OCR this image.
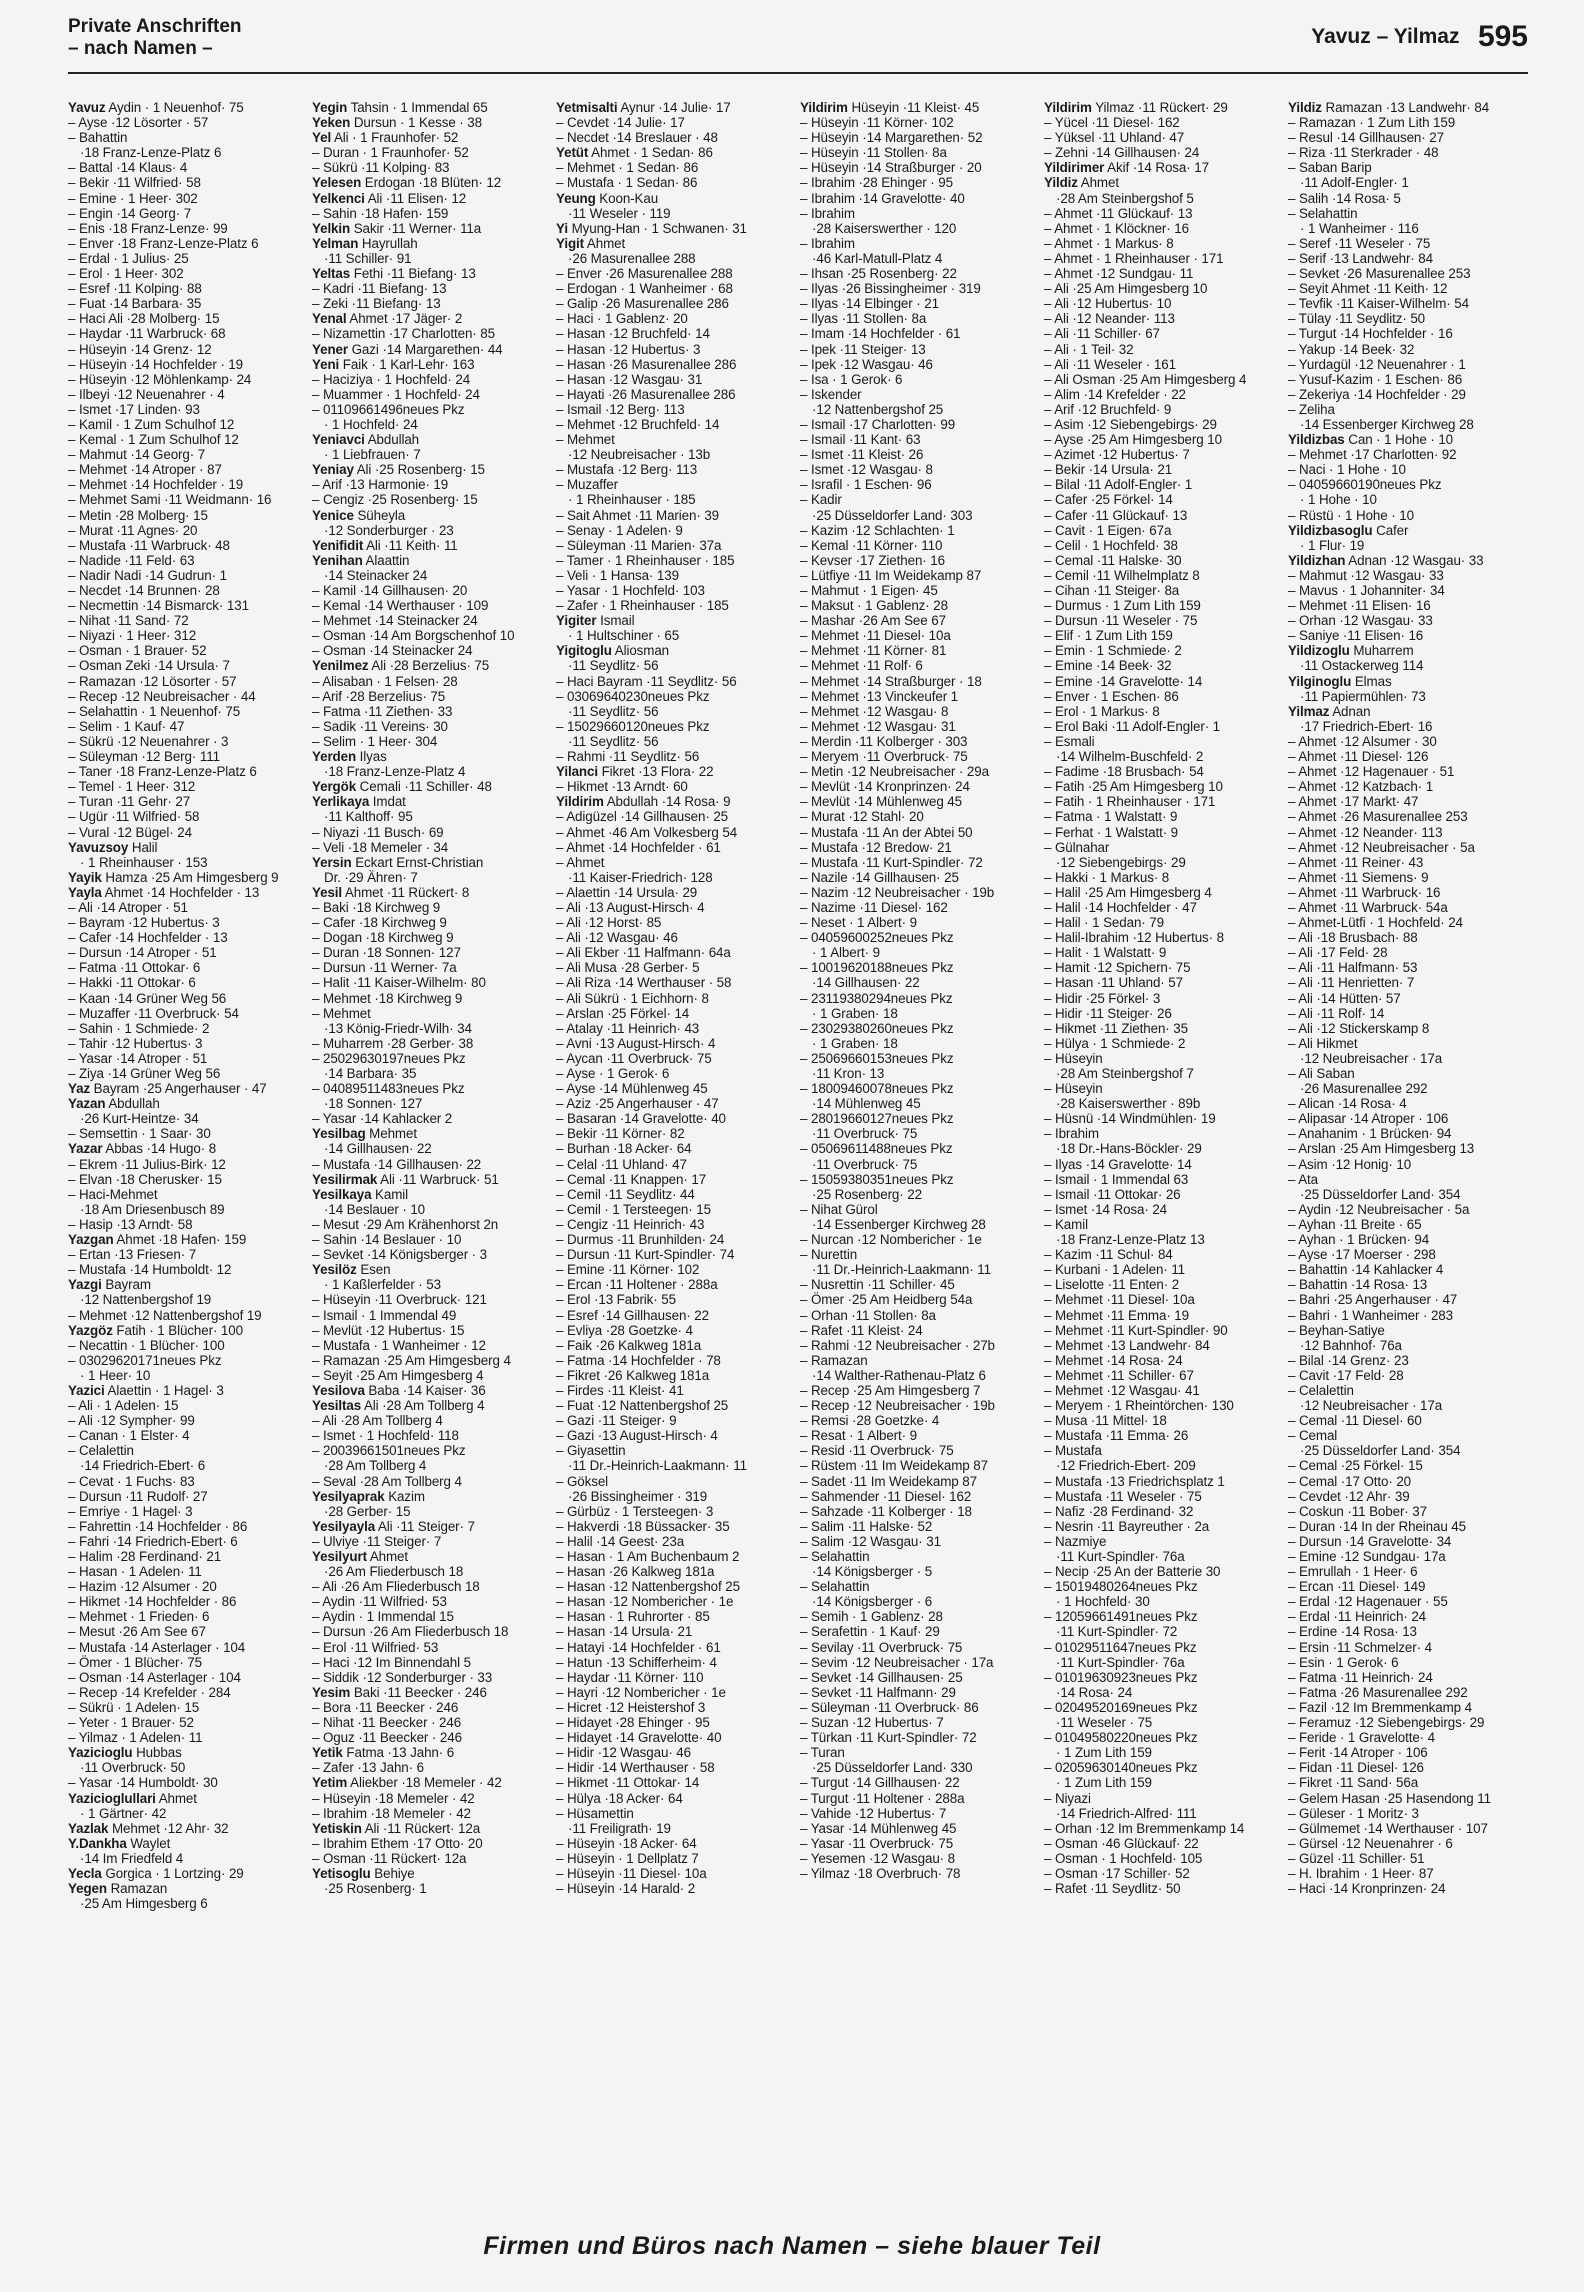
Private Anschriften
– nach Namen –
Yavuz – Yilmaz 595
Yavuz Aydin · 1 Neuenhof· 75
– Ayse ·12 Lösorter · 57
– Bahattin
·18 Franz-Lenze-Platz 6
– Battal ·14 Klaus· 4
– Bekir ·11 Wilfried· 58
– Emine · 1 Heer· 302
– Engin ·14 Georg· 7
– Enis ·18 Franz-Lenze· 99
– Enver ·18 Franz-Lenze-Platz 6
– Erdal · 1 Julius· 25
– Erol · 1 Heer· 302
– Esref ·11 Kolping· 88
– Fuat ·14 Barbara· 35
– Haci Ali ·28 Molberg· 15
– Haydar ·11 Warbruck· 68
– Hüseyin ·14 Grenz· 12
– Hüseyin ·14 Hochfelder · 19
– Hüseyin ·12 Möhlenkamp· 24
– Ilbeyi ·12 Neuenahrer · 4
– Ismet ·17 Linden· 93
– Kamil · 1 Zum Schulhof 12
– Kemal · 1 Zum Schulhof 12
– Mahmut ·14 Georg· 7
– Mehmet ·14 Atroper · 87
– Mehmet ·14 Hochfelder · 19
– Mehmet Sami ·11 Weidmann· 16
– Metin ·28 Molberg· 15
– Murat ·11 Agnes· 20
– Mustafa ·11 Warbruck· 48
– Nadide ·11 Feld· 63
– Nadir Nadi ·14 Gudrun· 1
– Necdet ·14 Brunnen· 28
– Necmettin ·14 Bismarck· 131
– Nihat ·11 Sand· 72
– Niyazi · 1 Heer· 312
– Osman · 1 Brauer· 52
– Osman Zeki ·14 Ursula· 7
– Ramazan ·12 Lösorter · 57
– Recep ·12 Neubreisacher · 44
– Selahattin · 1 Neuenhof· 75
– Selim · 1 Kauf· 47
– Sükrü ·12 Neuenahrer · 3
– Süleyman ·12 Berg· 111
– Taner ·18 Franz-Lenze-Platz 6
– Temel · 1 Heer· 312
– Turan ·11 Gehr· 27
– Ugür ·11 Wilfried· 58
– Vural ·12 Bügel· 24
Yavuzsoy Halil
· 1 Rheinhauser · 153
Yayik Hamza ·25 Am Himgesberg 9
Yayla Ahmet ·14 Hochfelder · 13
– Ali ·14 Atroper · 51
– Bayram ·12 Hubertus· 3
– Cafer ·14 Hochfelder · 13
– Dursun ·14 Atroper · 51
– Fatma ·11 Ottokar· 6
– Hakki ·11 Ottokar· 6
– Kaan ·14 Grüner Weg 56
– Muzaffer ·11 Overbruck· 54
– Sahin · 1 Schmiede· 2
– Tahir ·12 Hubertus· 3
– Yasar ·14 Atroper · 51
– Ziya ·14 Grüner Weg 56
Yaz Bayram ·25 Angerhauser · 47
Yazan Abdullah
·26 Kurt-Heintze· 34
– Semsettin · 1 Saar· 30
Yazar Abbas ·14 Hugo· 8
– Ekrem ·11 Julius-Birk· 12
– Elvan ·18 Cherusker· 15
– Haci-Mehmet
·18 Am Driesenbusch 89
– Hasip ·13 Arndt· 58
Yazgan Ahmet ·18 Hafen· 159
– Ertan ·13 Friesen· 7
– Mustafa ·14 Humboldt· 12
Yazgi Bayram
·12 Nattenbergshof 19
– Mehmet ·12 Nattenbergshof 19
Yazgöz Fatih · 1 Blücher· 100
– Necattin · 1 Blücher· 100
– 03029620171neues Pkz
· 1 Heer· 10
Yazici Alaettin · 1 Hagel· 3
– Ali · 1 Adelen· 15
– Ali ·12 Sympher· 99
– Canan · 1 Elster· 4
– Celalettin
·14 Friedrich-Ebert· 6
– Cevat · 1 Fuchs· 83
– Dursun ·11 Rudolf· 27
– Emriye · 1 Hagel· 3
– Fahrettin ·14 Hochfelder · 86
– Fahri ·14 Friedrich-Ebert· 6
– Halim ·28 Ferdinand· 21
– Hasan · 1 Adelen· 11
– Hazim ·12 Alsumer · 20
– Hikmet ·14 Hochfelder · 86
– Mehmet · 1 Frieden· 6
– Mesut ·26 Am See 67
– Mustafa ·14 Asterlager · 104
– Ömer · 1 Blücher· 75
– Osman ·14 Asterlager · 104
– Recep ·14 Krefelder · 284
– Sükrü · 1 Adelen· 15
– Yeter · 1 Brauer· 52
– Yilmaz · 1 Adelen· 11
Yazicioglu Hubbas
·11 Overbruck· 50
– Yasar ·14 Humboldt· 30
Yazicioglullari Ahmet
· 1 Gärtner· 42
Yazlak Mehmet ·12 Ahr· 32
Y.Dankha Waylet
·14 Im Friedfeld 4
Yecla Gorgica · 1 Lortzing· 29
Yegen Ramazan
·25 Am Himgesberg 6
Yegin Tahsin · 1 Immendal 65
Yeken Dursun · 1 Kesse · 38
Yel Ali · 1 Fraunhofer· 52
– Duran · 1 Fraunhofer· 52
– Sükrü ·11 Kolping· 83
Yelesen Erdogan ·18 Blüten· 12
Yelkenci Ali ·11 Elisen· 12
– Sahin ·18 Hafen· 159
Yelkin Sakir ·11 Werner· 11a
Yelman Hayrullah
·11 Schiller· 91
Yeltas Fethi ·11 Biefang· 13
– Kadri ·11 Biefang· 13
– Zeki ·11 Biefang· 13
Yenal Ahmet ·17 Jäger· 2
– Nizamettin ·17 Charlotten· 85
Yener Gazi ·14 Margarethen· 44
Yeni Faik · 1 Karl-Lehr· 163
– Haciziya · 1 Hochfeld· 24
– Muammer · 1 Hochfeld· 24
– 01109661496neues Pkz
· 1 Hochfeld· 24
Yeniavci Abdullah
· 1 Liebfrauen· 7
Yeniay Ali ·25 Rosenberg· 15
– Arif ·13 Harmonie· 19
– Cengiz ·25 Rosenberg· 15
Yenice Süheyla
·12 Sonderburger · 23
Yenifidit Ali ·11 Keith· 11
Yenihan Alaattin
·14 Steinacker 24
– Kamil ·14 Gillhausen· 20
– Kemal ·14 Werthauser · 109
– Mehmet ·14 Steinacker 24
– Osman ·14 Am Borgschenhof 10
– Osman ·14 Steinacker 24
Yenilmez Ali ·28 Berzelius· 75
– Alisaban · 1 Felsen· 28
– Arif ·28 Berzelius· 75
– Fatma ·11 Ziethen· 33
– Sadik ·11 Vereins· 30
– Selim · 1 Heer· 304
Yerden Ilyas
·18 Franz-Lenze-Platz 4
Yergök Cemali ·11 Schiller· 48
Yerlikaya Imdat
·11 Kalthoff· 95
– Niyazi ·11 Busch· 69
– Veli ·18 Memeler · 34
Yersin Eckart Ernst-Christian
Dr. ·29 Ähren· 7
Yesil Ahmet ·11 Rückert· 8
– Baki ·18 Kirchweg 9
– Cafer ·18 Kirchweg 9
– Dogan ·18 Kirchweg 9
– Duran ·18 Sonnen· 127
– Dursun ·11 Werner· 7a
– Halit ·11 Kaiser-Wilhelm· 80
– Mehmet ·18 Kirchweg 9
– Mehmet
·13 König-Friedr-Wilh· 34
– Muharrem ·28 Gerber· 38
– 25029630197neues Pkz
·14 Barbara· 35
– 04089511483neues Pkz
·18 Sonnen· 127
– Yasar ·14 Kahlacker 2
Yesilbag Mehmet
·14 Gillhausen· 22
– Mustafa ·14 Gillhausen· 22
Yesilirmak Ali ·11 Warbruck· 51
Yesilkaya Kamil
·14 Beslauer · 10
– Mesut ·29 Am Krähenhorst 2n
– Sahin ·14 Beslauer · 10
– Sevket ·14 Königsberger · 3
Yesilöz Esen
· 1 Kaßlerfelder · 53
– Hüseyin ·11 Overbruck· 121
– Ismail · 1 Immendal 49
– Mevlüt ·12 Hubertus· 15
– Mustafa · 1 Wanheimer · 12
– Ramazan ·25 Am Himgesberg 4
– Seyit ·25 Am Himgesberg 4
Yesilova Baba ·14 Kaiser· 36
Yesiltas Ali ·28 Am Tollberg 4
– Ali ·28 Am Tollberg 4
– Ismet · 1 Hochfeld· 118
– 20039661501neues Pkz
·28 Am Tollberg 4
– Seval ·28 Am Tollberg 4
Yesilyaprak Kazim
·28 Gerber· 15
Yesilyayla Ali ·11 Steiger· 7
– Ulviye ·11 Steiger· 7
Yesilyurt Ahmet
·26 Am Fliederbusch 18
– Ali ·26 Am Fliederbusch 18
– Aydin ·11 Wilfried· 53
– Aydin · 1 Immendal 15
– Dursun ·26 Am Fliederbusch 18
– Erol ·11 Wilfried· 53
– Haci ·12 Im Binnendahl 5
– Siddik ·12 Sonderburger · 33
Yesim Baki ·11 Beecker · 246
– Bora ·11 Beecker · 246
– Nihat ·11 Beecker · 246
– Oguz ·11 Beecker · 246
Yetik Fatma ·13 Jahn· 6
– Zafer ·13 Jahn· 6
Yetim Aliekber ·18 Memeler · 42
– Hüseyin ·18 Memeler · 42
– Ibrahim ·18 Memeler · 42
Yetiskin Ali ·11 Rückert· 12a
– Ibrahim Ethem ·17 Otto· 20
– Osman ·11 Rückert· 12a
Yetisoglu Behiye
·25 Rosenberg· 1
Yetmisalti Aynur ·14 Julie· 17
– Cevdet ·14 Julie· 17
– Necdet ·14 Breslauer · 48
Yetüt Ahmet · 1 Sedan· 86
– Mehmet · 1 Sedan· 86
– Mustafa · 1 Sedan· 86
Yeung Koon-Kau
·11 Weseler · 119
Yi Myung-Han · 1 Schwanen· 31
Yigit Ahmet
·26 Masurenallee 288
– Enver ·26 Masurenallee 288
– Erdogan · 1 Wanheimer · 68
– Galip ·26 Masurenallee 286
– Haci · 1 Gablenz· 20
– Hasan ·12 Bruchfeld· 14
– Hasan ·12 Hubertus· 3
– Hasan ·26 Masurenallee 286
– Hasan ·12 Wasgau· 31
– Hayati ·26 Masurenallee 286
– Ismail ·12 Berg· 113
– Mehmet ·12 Bruchfeld· 14
– Mehmet
·12 Neubreisacher · 13b
– Mustafa ·12 Berg· 113
– Muzaffer
· 1 Rheinhauser · 185
– Sait Ahmet ·11 Marien· 39
– Senay · 1 Adelen· 9
– Süleyman ·11 Marien· 37a
– Tamer · 1 Rheinhauser · 185
– Veli · 1 Hansa· 139
– Yasar · 1 Hochfeld· 103
– Zafer · 1 Rheinhauser · 185
Yigiter Ismail
· 1 Hultschiner · 65
Yigitoglu Aliosman
·11 Seydlitz· 56
– Haci Bayram ·11 Seydlitz· 56
– 03069640230neues Pkz
·11 Seydlitz· 56
– 15029660120neues Pkz
·11 Seydlitz· 56
– Rahmi ·11 Seydlitz· 56
Yilanci Fikret ·13 Flora· 22
– Hikmet ·13 Arndt· 60
Yildirim Abdullah ·14 Rosa· 9
– Adigüzel ·14 Gillhausen· 25
– Ahmet ·46 Am Volkesberg 54
– Ahmet ·14 Hochfelder · 61
– Ahmet
·11 Kaiser-Friedrich· 128
– Alaettin ·14 Ursula· 29
– Ali ·13 August-Hirsch· 4
– Ali ·12 Horst· 85
– Ali ·12 Wasgau· 46
– Ali Ekber ·11 Halfmann· 64a
– Ali Musa ·28 Gerber· 5
– Ali Riza ·14 Werthauser · 58
– Ali Sükrü · 1 Eichhorn· 8
– Arslan ·25 Förkel· 14
– Atalay ·11 Heinrich· 43
– Avni ·13 August-Hirsch· 4
– Aycan ·11 Overbruck· 75
– Ayse · 1 Gerok· 6
– Ayse ·14 Mühlenweg 45
– Aziz ·25 Angerhauser · 47
– Basaran ·14 Gravelotte· 40
– Bekir ·11 Körner· 82
– Burhan ·18 Acker· 64
– Celal ·11 Uhland· 47
– Cemal ·11 Knappen· 17
– Cemil ·11 Seydlitz· 44
– Cemil · 1 Tersteegen· 15
– Cengiz ·11 Heinrich· 43
– Durmus ·11 Brunhilden· 24
– Dursun ·11 Kurt-Spindler· 74
– Emine ·11 Körner· 102
– Ercan ·11 Holtener · 288a
– Erol ·13 Fabrik· 55
– Esref ·14 Gillhausen· 22
– Evliya ·28 Goetzke· 4
– Faik ·26 Kalkweg 181a
– Fatma ·14 Hochfelder · 78
– Fikret ·26 Kalkweg 181a
– Firdes ·11 Kleist· 41
– Fuat ·12 Nattenbergshof 25
– Gazi ·11 Steiger· 9
– Gazi ·13 August-Hirsch· 4
– Giyasettin
·11 Dr.-Heinrich-Laakmann· 11
– Göksel
·26 Bissingheimer · 319
– Gürbüz · 1 Tersteegen· 3
– Hakverdi ·18 Büssacker· 35
– Halil ·14 Geest· 23a
– Hasan · 1 Am Buchenbaum 2
– Hasan ·26 Kalkweg 181a
– Hasan ·12 Nattenbergshof 25
– Hasan ·12 Nombericher · 1e
– Hasan · 1 Ruhrorter · 85
– Hasan ·14 Ursula· 21
– Hatayi ·14 Hochfelder · 61
– Hatun ·13 Schifferheim· 4
– Haydar ·11 Körner· 110
– Hayri ·12 Nombericher · 1e
– Hicret ·12 Heistershof 3
– Hidayet ·28 Ehinger · 95
– Hidayet ·14 Gravelotte· 40
– Hidir ·12 Wasgau· 46
– Hidir ·14 Werthauser · 58
– Hikmet ·11 Ottokar· 14
– Hülya ·18 Acker· 64
– Hüsamettin
·11 Freiligrath· 19
– Hüseyin ·18 Acker· 64
– Hüseyin · 1 Dellplatz 7
– Hüseyin ·11 Diesel· 10a
– Hüseyin ·14 Harald· 2
Yildirim Hüseyin ·11 Kleist· 45
– Hüseyin ·11 Körner· 102
– Hüseyin ·14 Margarethen· 52
– Hüseyin ·11 Stollen· 8a
– Hüseyin ·14 Straßburger · 20
– Ibrahim ·28 Ehinger · 95
– Ibrahim ·14 Gravelotte· 40
– Ibrahim
·28 Kaiserswerther · 120
– Ibrahim
·46 Karl-Matull-Platz 4
– Ihsan ·25 Rosenberg· 22
– Ilyas ·26 Bissingheimer · 319
– Ilyas ·14 Elbinger · 21
– Ilyas ·11 Stollen· 8a
– Imam ·14 Hochfelder · 61
– Ipek ·11 Steiger· 13
– Ipek ·12 Wasgau· 46
– Isa · 1 Gerok· 6
– Iskender
·12 Nattenbergshof 25
– Ismail ·17 Charlotten· 99
– Ismail ·11 Kant· 63
– Ismet ·11 Kleist· 26
– Ismet ·12 Wasgau· 8
– Israfil · 1 Eschen· 96
– Kadir
·25 Düsseldorfer Land· 303
– Kazim ·12 Schlachten· 1
– Kemal ·11 Körner· 110
– Kevser ·17 Ziethen· 16
– Lütfiye ·11 Im Weidekamp 87
– Mahmut · 1 Eigen· 45
– Maksut · 1 Gablenz· 28
– Mashar ·26 Am See 67
– Mehmet ·11 Diesel· 10a
– Mehmet ·11 Körner· 81
– Mehmet ·11 Rolf· 6
– Mehmet ·14 Straßburger · 18
– Mehmet ·13 Vinckeufer 1
– Mehmet ·12 Wasgau· 8
– Mehmet ·12 Wasgau· 31
– Merdin ·11 Kolberger · 303
– Meryem ·11 Overbruck· 75
– Metin ·12 Neubreisacher · 29a
– Mevlüt ·14 Kronprinzen· 24
– Mevlüt ·14 Mühlenweg 45
– Murat ·12 Stahl· 20
– Mustafa ·11 An der Abtei 50
– Mustafa ·12 Bredow· 21
– Mustafa ·11 Kurt-Spindler· 72
– Nazile ·14 Gillhausen· 25
– Nazim ·12 Neubreisacher · 19b
– Nazime ·11 Diesel· 162
– Neset · 1 Albert· 9
– 04059600252neues Pkz
· 1 Albert· 9
– 10019620188neues Pkz
·14 Gillhausen· 22
– 23119380294neues Pkz
· 1 Graben· 18
– 23029380260neues Pkz
· 1 Graben· 18
– 25069660153neues Pkz
·11 Kron· 13
– 18009460078neues Pkz
·14 Mühlenweg 45
– 28019660127neues Pkz
·11 Overbruck· 75
– 05069611488neues Pkz
·11 Overbruck· 75
– 15059380351neues Pkz
·25 Rosenberg· 22
– Nihat Gürol
·14 Essenberger Kirchweg 28
– Nurcan ·12 Nombericher · 1e
– Nurettin
·11 Dr.-Heinrich-Laakmann· 11
– Nusrettin ·11 Schiller· 45
– Ömer ·25 Am Heidberg 54a
– Orhan ·11 Stollen· 8a
– Rafet ·11 Kleist· 24
– Rahmi ·12 Neubreisacher · 27b
– Ramazan
·14 Walther-Rathenau-Platz 6
– Recep ·25 Am Himgesberg 7
– Recep ·12 Neubreisacher · 19b
– Remsi ·28 Goetzke· 4
– Resat · 1 Albert· 9
– Resid ·11 Overbruck· 75
– Rüstem ·11 Im Weidekamp 87
– Sadet ·11 Im Weidekamp 87
– Sahmender ·11 Diesel· 162
– Sahzade ·11 Kolberger · 18
– Salim ·11 Halske· 52
– Salim ·12 Wasgau· 31
– Selahattin
·14 Königsberger · 5
– Selahattin
·14 Königsberger · 6
– Semih · 1 Gablenz· 28
– Serafettin · 1 Kauf· 29
– Sevilay ·11 Overbruck· 75
– Sevim ·12 Neubreisacher · 17a
– Sevket ·14 Gillhausen· 25
– Sevket ·11 Halfmann· 29
– Süleyman ·11 Overbruck· 86
– Suzan ·12 Hubertus· 7
– Türkan ·11 Kurt-Spindler· 72
– Turan
·25 Düsseldorfer Land· 330
– Turgut ·14 Gillhausen· 22
– Turgut ·11 Holtener · 288a
– Vahide ·12 Hubertus· 7
– Yasar ·14 Mühlenweg 45
– Yasar ·11 Overbruck· 75
– Yesemen ·12 Wasgau· 8
– Yilmaz ·18 Overbruch· 78
Yildirim Yilmaz ·11 Rückert· 29
– Yücel ·11 Diesel· 162
– Yüksel ·11 Uhland· 47
– Zehni ·14 Gillhausen· 24
Yildirimer Akif ·14 Rosa· 17
Yildiz Ahmet
·28 Am Steinbergshof 5
– Ahmet ·11 Glückauf· 13
– Ahmet · 1 Klöckner· 16
– Ahmet · 1 Markus· 8
– Ahmet · 1 Rheinhauser · 171
– Ahmet ·12 Sundgau· 11
– Ali ·25 Am Himgesberg 10
– Ali ·12 Hubertus· 10
– Ali ·12 Neander· 113
– Ali ·11 Schiller· 67
– Ali · 1 Teil· 32
– Ali ·11 Weseler · 161
– Ali Osman ·25 Am Himgesberg 4
– Alim ·14 Krefelder · 22
– Arif ·12 Bruchfeld· 9
– Asim ·12 Siebengebirgs· 29
– Ayse ·25 Am Himgesberg 10
– Azimet ·12 Hubertus· 7
– Bekir ·14 Ursula· 21
– Bilal ·11 Adolf-Engler· 1
– Cafer ·25 Förkel· 14
– Cafer ·11 Glückauf· 13
– Cavit · 1 Eigen· 67a
– Celil · 1 Hochfeld· 38
– Cemal ·11 Halske· 30
– Cemil ·11 Wilhelmplatz 8
– Cihan ·11 Steiger· 8a
– Durmus · 1 Zum Lith 159
– Dursun ·11 Weseler · 75
– Elif · 1 Zum Lith 159
– Emin · 1 Schmiede· 2
– Emine ·14 Beek· 32
– Emine ·14 Gravelotte· 14
– Enver · 1 Eschen· 86
– Erol · 1 Markus· 8
– Erol Baki ·11 Adolf-Engler· 1
– Esmali
·14 Wilhelm-Buschfeld· 2
– Fadime ·18 Brusbach· 54
– Fatih ·25 Am Himgesberg 10
– Fatih · 1 Rheinhauser · 171
– Fatma · 1 Walstatt· 9
– Ferhat · 1 Walstatt· 9
– Gülnahar
·12 Siebengebirgs· 29
– Hakki · 1 Markus· 8
– Halil ·25 Am Himgesberg 4
– Halil ·14 Hochfelder · 47
– Halil · 1 Sedan· 79
– Halil-Ibrahim ·12 Hubertus· 8
– Halit · 1 Walstatt· 9
– Hamit ·12 Spichern· 75
– Hasan ·11 Uhland· 57
– Hidir ·25 Förkel· 3
– Hidir ·11 Steiger· 26
– Hikmet ·11 Ziethen· 35
– Hülya · 1 Schmiede· 2
– Hüseyin
·28 Am Steinbergshof 7
– Hüseyin
·28 Kaiserswerther · 89b
– Hüsnü ·14 Windmühlen· 19
– Ibrahim
·18 Dr.-Hans-Böckler· 29
– Ilyas ·14 Gravelotte· 14
– Ismail · 1 Immendal 63
– Ismail ·11 Ottokar· 26
– Ismet ·14 Rosa· 24
– Kamil
·18 Franz-Lenze-Platz 13
– Kazim ·11 Schul· 84
– Kurbani · 1 Adelen· 11
– Liselotte ·11 Enten· 2
– Mehmet ·11 Diesel· 10a
– Mehmet ·11 Emma· 19
– Mehmet ·11 Kurt-Spindler· 90
– Mehmet ·13 Landwehr· 84
– Mehmet ·14 Rosa· 24
– Mehmet ·11 Schiller· 67
– Mehmet ·12 Wasgau· 41
– Meryem · 1 Rheintörchen· 130
– Musa ·11 Mittel· 18
– Mustafa ·11 Emma· 26
– Mustafa
·12 Friedrich-Ebert· 209
– Mustafa ·13 Friedrichsplatz 1
– Mustafa ·11 Weseler · 75
– Nafiz ·28 Ferdinand· 32
– Nesrin ·11 Bayreuther · 2a
– Nazmiye
·11 Kurt-Spindler· 76a
– Necip ·25 An der Batterie 30
– 15019480264neues Pkz
· 1 Hochfeld· 30
– 12059661491neues Pkz
·11 Kurt-Spindler· 72
– 01029511647neues Pkz
·11 Kurt-Spindler· 76a
– 01019630923neues Pkz
·14 Rosa· 24
– 02049520169neues Pkz
·11 Weseler · 75
– 01049580220neues Pkz
· 1 Zum Lith 159
– 02059630140neues Pkz
· 1 Zum Lith 159
– Niyazi
·14 Friedrich-Alfred· 111
– Orhan ·12 Im Bremmenkamp 14
– Osman ·46 Glückauf· 22
– Osman · 1 Hochfeld· 105
– Osman ·17 Schiller· 52
– Rafet ·11 Seydlitz· 50
Yildiz Ramazan ·13 Landwehr· 84
– Ramazan · 1 Zum Lith 159
– Resul ·14 Gillhausen· 27
– Riza ·11 Sterkrader · 48
– Saban Barip
·11 Adolf-Engler· 1
– Salih ·14 Rosa· 5
– Selahattin
· 1 Wanheimer · 116
– Seref ·11 Weseler · 75
– Serif ·13 Landwehr· 84
– Sevket ·26 Masurenallee 253
– Seyit Ahmet ·11 Keith· 12
– Tevfik ·11 Kaiser-Wilhelm· 54
– Tülay ·11 Seydlitz· 50
– Turgut ·14 Hochfelder · 16
– Yakup ·14 Beek· 32
– Yurdagül ·12 Neuenahrer · 1
– Yusuf-Kazim · 1 Eschen· 86
– Zekeriya ·14 Hochfelder · 29
– Zeliha
·14 Essenberger Kirchweg 28
Yildizbas Can · 1 Hohe · 10
– Mehmet ·17 Charlotten· 92
– Naci · 1 Hohe · 10
– 04059660190neues Pkz
· 1 Hohe · 10
– Rüstü · 1 Hohe · 10
Yildizbasoglu Cafer
· 1 Flur· 19
Yildizhan Adnan ·12 Wasgau· 33
– Mahmut ·12 Wasgau· 33
– Mavus · 1 Johanniter· 34
– Mehmet ·11 Elisen· 16
– Orhan ·12 Wasgau· 33
– Saniye ·11 Elisen· 16
Yildizoglu Muharrem
·11 Ostackerweg 114
Yilginoglu Elmas
·11 Papiermühlen· 73
Yilmaz Adnan
·17 Friedrich-Ebert· 16
– Ahmet ·12 Alsumer · 30
– Ahmet ·11 Diesel· 126
– Ahmet ·12 Hagenauer · 51
– Ahmet ·12 Katzbach· 1
– Ahmet ·17 Markt· 47
– Ahmet ·26 Masurenallee 253
– Ahmet ·12 Neander· 113
– Ahmet ·12 Neubreisacher · 5a
– Ahmet ·11 Reiner· 43
– Ahmet ·11 Siemens· 9
– Ahmet ·11 Warbruck· 16
– Ahmet ·11 Warbruck· 54a
– Ahmet-Lütfi · 1 Hochfeld· 24
– Ali ·18 Brusbach· 88
– Ali ·17 Feld· 28
– Ali ·11 Halfmann· 53
– Ali ·11 Henrietten· 7
– Ali ·14 Hütten· 57
– Ali ·11 Rolf· 14
– Ali ·12 Stickerskamp 8
– Ali Hikmet
·12 Neubreisacher · 17a
– Ali Saban
·26 Masurenallee 292
– Alican ·14 Rosa· 4
– Alipasar ·14 Atroper · 106
– Anahanim · 1 Brücken· 94
– Arslan ·25 Am Himgesberg 13
– Asim ·12 Honig· 10
– Ata
·25 Düsseldorfer Land· 354
– Aydin ·12 Neubreisacher · 5a
– Ayhan ·11 Breite · 65
– Ayhan · 1 Brücken· 94
– Ayse ·17 Moerser · 298
– Bahattin ·14 Kahlacker 4
– Bahattin ·14 Rosa· 13
– Bahri ·25 Angerhauser · 47
– Bahri · 1 Wanheimer · 283
– Beyhan-Satiye
·12 Bahnhof· 76a
– Bilal ·14 Grenz· 23
– Cavit ·17 Feld· 28
– Celalettin
·12 Neubreisacher · 17a
– Cemal ·11 Diesel· 60
– Cemal
·25 Düsseldorfer Land· 354
– Cemal ·25 Förkel· 15
– Cemal ·17 Otto· 20
– Cevdet ·12 Ahr· 39
– Coskun ·11 Bober· 37
– Duran ·14 In der Rheinau 45
– Dursun ·14 Gravelotte· 34
– Emine ·12 Sundgau· 17a
– Emrullah · 1 Heer· 6
– Ercan ·11 Diesel· 149
– Erdal ·12 Hagenauer · 55
– Erdal ·11 Heinrich· 24
– Erdine ·14 Rosa· 13
– Ersin ·11 Schmelzer· 4
– Esin · 1 Gerok· 6
– Fatma ·11 Heinrich· 24
– Fatma ·26 Masurenallee 292
– Fazil ·12 Im Bremmenkamp 4
– Feramuz ·12 Siebengebirgs· 29
– Feride · 1 Gravelotte· 4
– Ferit ·14 Atroper · 106
– Fidan ·11 Diesel· 126
– Fikret ·11 Sand· 56a
– Gelem Hasan ·25 Hasendong 11
– Güleser · 1 Moritz· 3
– Gülmemet ·14 Werthauser · 107
– Gürsel ·12 Neuenahrer · 6
– Güzel ·11 Schiller· 51
– H. Ibrahim · 1 Heer· 87
– Haci ·14 Kronprinzen· 24
Firmen und Büros nach Namen – siehe blauer Teil
